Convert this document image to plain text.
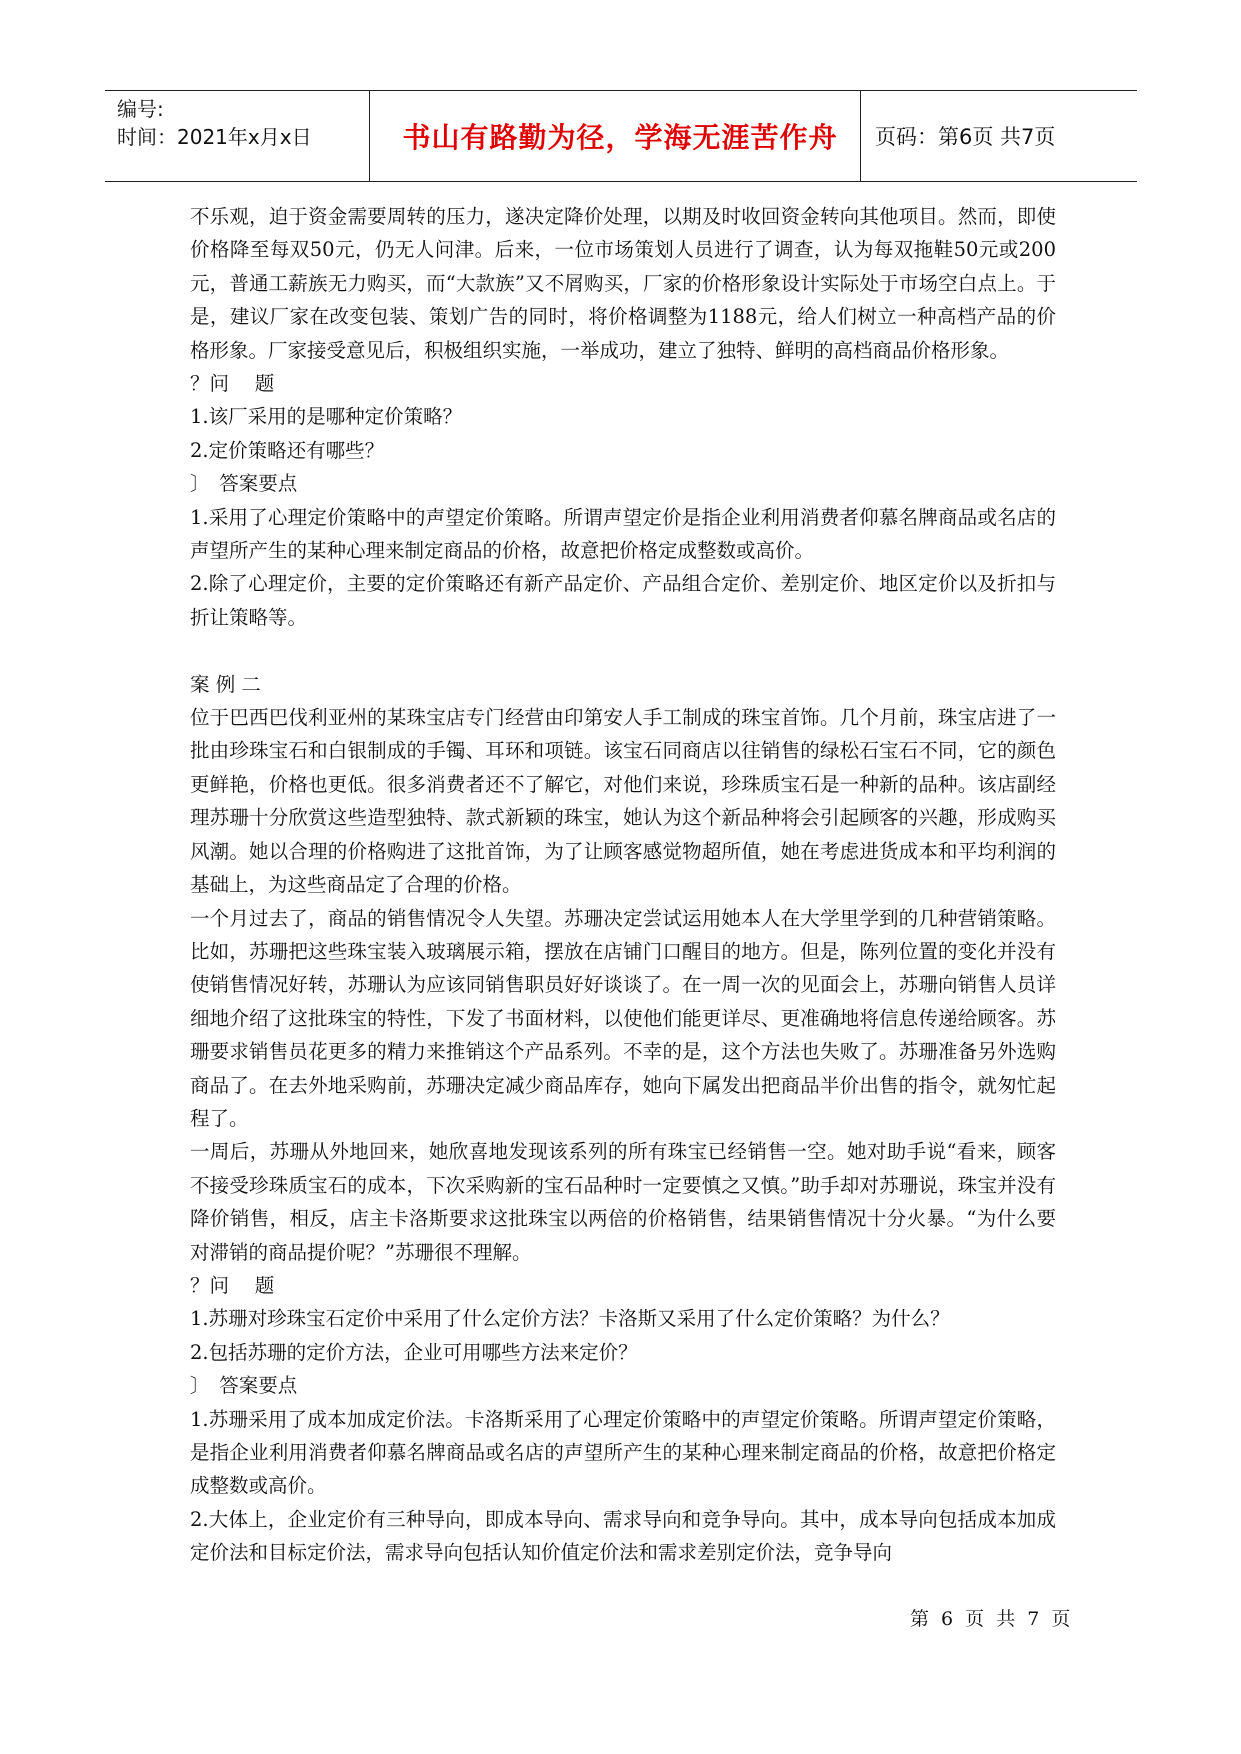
编号:
时间：2021年x月x日	书山有路勤为径，学海无涯苦作舟	页码：第6页 共7页

不乐观，迫于资金需要周转的压力，遂决定降价处理，以期及时收回资金转向其他项目。然而，即使价格降至每双50元，仍无人问津。后来，一位市场策划人员进行了调查，认为每双拖鞋50元或200元，普通工薪族无力购买，而“大款族”又不屑购买，厂家的价格形象设计实际处于市场空白点上。于是，建议厂家在改变包装、策划广告的同时，将价格调整为1188元，给人们树立一种高档产品的价格形象。厂家接受意见后，积极组织实施，一举成功，建立了独特、鲜明的高档商品价格形象。

？问　 题

1.该厂采用的是哪种定价策略？

2.定价策略还有哪些？

〕　答案要点

1.采用了心理定价策略中的声望定价策略。所谓声望定价是指企业利用消费者仰慕名牌商品或名店的声望所产生的某种心理来制定商品的价格，故意把价格定成整数或高价。

2.除了心理定价，主要的定价策略还有新产品定价、产品组合定价、差别定价、地区定价以及折扣与折让策略等。

案 例 二

位于巴西巴伐利亚州的某珠宝店专门经营由印第安人手工制成的珠宝首饰。几个月前，珠宝店进了一批由珍珠宝石和白银制成的手镯、耳环和项链。该宝石同商店以往销售的绿松石宝石不同，它的颜色更鲜艳，价格也更低。很多消费者还不了解它，对他们来说，珍珠质宝石是一种新的品种。该店副经理苏珊十分欣赏这些造型独特、款式新颖的珠宝，她认为这个新品种将会引起顾客的兴趣，形成购买风潮。她以合理的价格购进了这批首饰，为了让顾客感觉物超所值，她在考虑进货成本和平均利润的基础上，为这些商品定了合理的价格。

一个月过去了，商品的销售情况令人失望。苏珊决定尝试运用她本人在大学里学到的几种营销策略。比如，苏珊把这些珠宝装入玻璃展示箱，摆放在店铺门口醒目的地方。但是，陈列位置的变化并没有使销售情况好转，苏珊认为应该同销售职员好好谈谈了。在一周一次的见面会上，苏珊向销售人员详细地介绍了这批珠宝的特性，下发了书面材料，以使他们能更详尽、更准确地将信息传递给顾客。苏珊要求销售员花更多的精力来推销这个产品系列。不幸的是，这个方法也失败了。苏珊准备另外选购商品了。在去外地采购前，苏珊决定减少商品库存，她向下属发出把商品半价出售的指令，就匆忙起程了。

一周后，苏珊从外地回来，她欣喜地发现该系列的所有珠宝已经销售一空。她对助手说“看来，顾客不接受珍珠质宝石的成本，下次采购新的宝石品种时一定要慎之又慎。”助手却对苏珊说，珠宝并没有降价销售，相反，店主卡洛斯要求这批珠宝以两倍的价格销售，结果销售情况十分火暴。“为什么要对滞销的商品提价呢？”苏珊很不理解。

？问　 题

1.苏珊对珍珠宝石定价中采用了什么定价方法？卡洛斯又采用了什么定价策略？为什么？

2.包括苏珊的定价方法，企业可用哪些方法来定价？

〕　答案要点

1.苏珊采用了成本加成定价法。卡洛斯采用了心理定价策略中的声望定价策略。所谓声望定价策略，是指企业利用消费者仰慕名牌商品或名店的声望所产生的某种心理来制定商品的价格，故意把价格定成整数或高价。

2.大体上，企业定价有三种导向，即成本导向、需求导向和竞争导向。其中，成本导向包括成本加成定价法和目标定价法，需求导向包括认知价值定价法和需求差别定价法，竞争导向

第 6 页 共 7 页
